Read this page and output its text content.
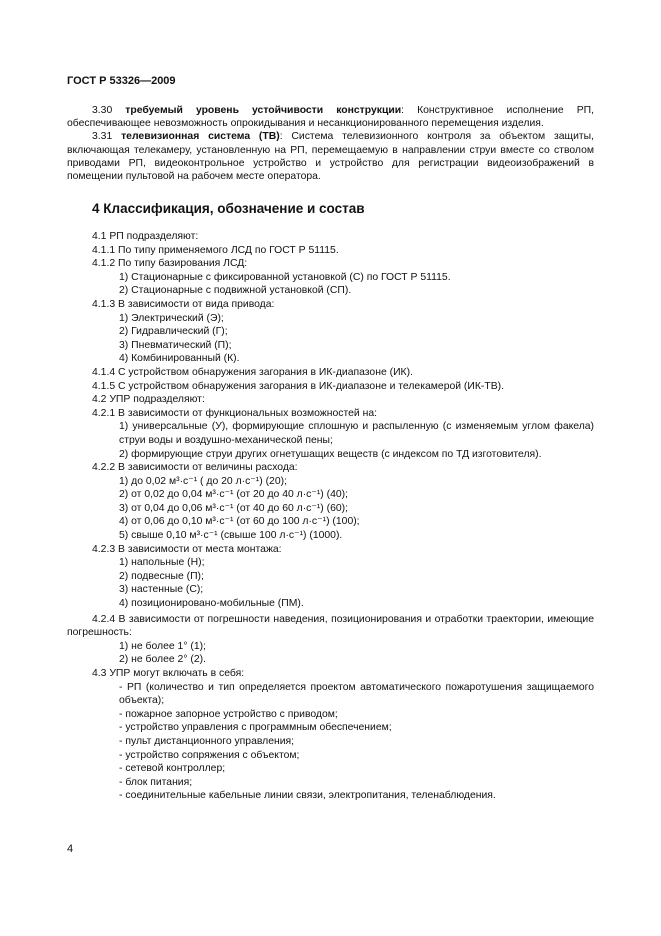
ГОСТ Р 53326—2009

3.30 требуемый уровень устойчивости конструкции: Конструктивное исполнение РП, обеспечивающее невозможность опрокидывания и несанкционированного перемещения изделия.

3.31 телевизионная система (ТВ): Система телевизионного контроля за объектом защиты, включающая телекамеру, установленную на РП, перемещаемую в направлении струи вместе со стволом приводами РП, видеоконтрольное устройство и устройство для регистрации видеоизображений в помещении пультовой на рабочем месте оператора.

4 Классификация, обозначение и состав
4.1 РП подразделяют:
4.1.1 По типу применяемого ЛСД по ГОСТ Р 51115.
4.1.2 По типу базирования ЛСД:
1) Стационарные с фиксированной установкой (С) по ГОСТ Р 51115.
2) Стационарные с подвижной установкой (СП).
4.1.3 В зависимости от вида привода:
1) Электрический (Э);
2) Гидравлический (Г);
3) Пневматический (П);
4) Комбинированный (К).
4.1.4 С устройством обнаружения загорания в ИК-диапазоне (ИК).
4.1.5 С устройством обнаружения загорания в ИК-диапазоне и телекамерой (ИК-ТВ).
4.2 УПР подразделяют:
4.2.1 В зависимости от функциональных возможностей на:
1) универсальные (У), формирующие сплошную и распыленную (с изменяемым углом факела) струи воды и воздушно-механической пены;
2) формирующие струи других огнетушащих веществ (с индексом по ТД изготовителя).
4.2.2 В зависимости от величины расхода:
1) до 0,02 м³·с⁻¹ ( до 20 л·с⁻¹) (20);
2) от 0,02 до 0,04 м³·с⁻¹ (от 20 до 40 л·с⁻¹) (40);
3) от 0,04 до 0,06 м³·с⁻¹ (от 40 до 60 л·с⁻¹) (60);
4) от 0,06 до 0,10 м³·с⁻¹ (от 60 до 100 л·с⁻¹) (100);
5) свыше 0,10 м³·с⁻¹ (свыше 100 л·с⁻¹) (1000).
4.2.3 В зависимости от места монтажа:
1) напольные (Н);
2) подвесные (П);
3) настенные (С);
4) позиционировано-мобильные (ПМ).
4.2.4 В зависимости от погрешности наведения, позиционирования и отработки траектории, имеющие погрешность:
1) не более 1° (1);
2) не более 2° (2).
4.3 УПР могут включать в себя:
- РП (количество и тип определяется проектом автоматического пожаротушения защищаемого объекта);
- пожарное запорное устройство с приводом;
- устройство управления с программным обеспечением;
- пульт дистанционного управления;
- устройство сопряжения с объектом;
- сетевой контроллер;
- блок питания;
- соединительные кабельные линии связи, электропитания, теленаблюдения.
4
